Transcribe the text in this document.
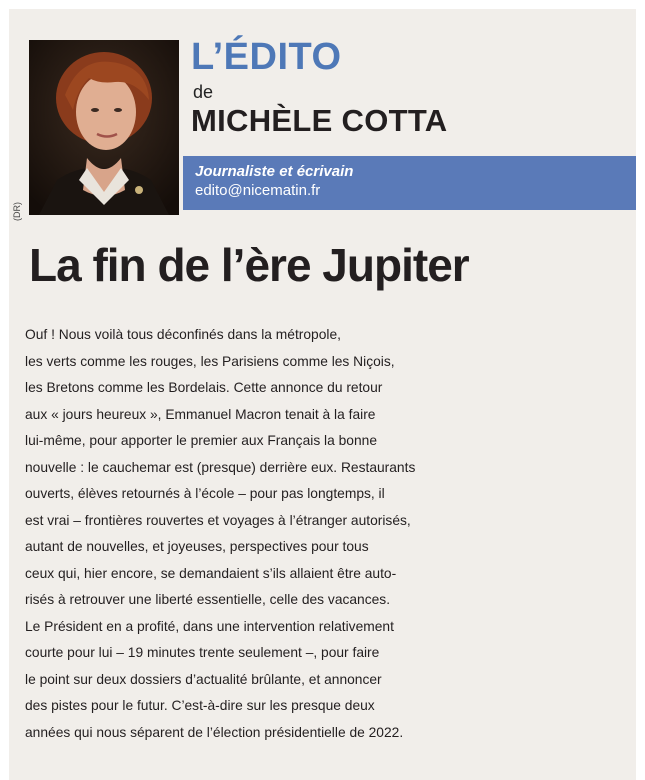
(DR)
L’ÉDITO
de
MICHÈLE COTTA
Journaliste et écrivain
edito@nicematin.fr
La fin de l’ère Jupiter

Ouf ! Nous voilà tous déconfinés dans la métropole,

les verts comme les rouges, les Parisiens comme les Niçois,

les Bretons comme les Bordelais. Cette annonce du retour

aux « jours heureux », Emmanuel Macron tenait à la faire

lui-même, pour apporter le premier aux Français la bonne

nouvelle : le cauchemar est (presque) derrière eux. Restaurants

ouverts, élèves retournés à l’école – pour pas longtemps, il

est vrai – frontières rouvertes et voyages à l’étranger autorisés,

autant de nouvelles, et joyeuses, perspectives pour tous

ceux qui, hier encore, se demandaient s’ils allaient être auto-

risés à retrouver une liberté essentielle, celle des vacances.

Le Président en a profité, dans une intervention relativement

courte pour lui – 19 minutes trente seulement –, pour faire

le point sur deux dossiers d’actualité brûlante, et annoncer

des pistes pour le futur. C’est-à-dire sur les presque deux

années qui nous séparent de l’élection présidentielle de 2022.
